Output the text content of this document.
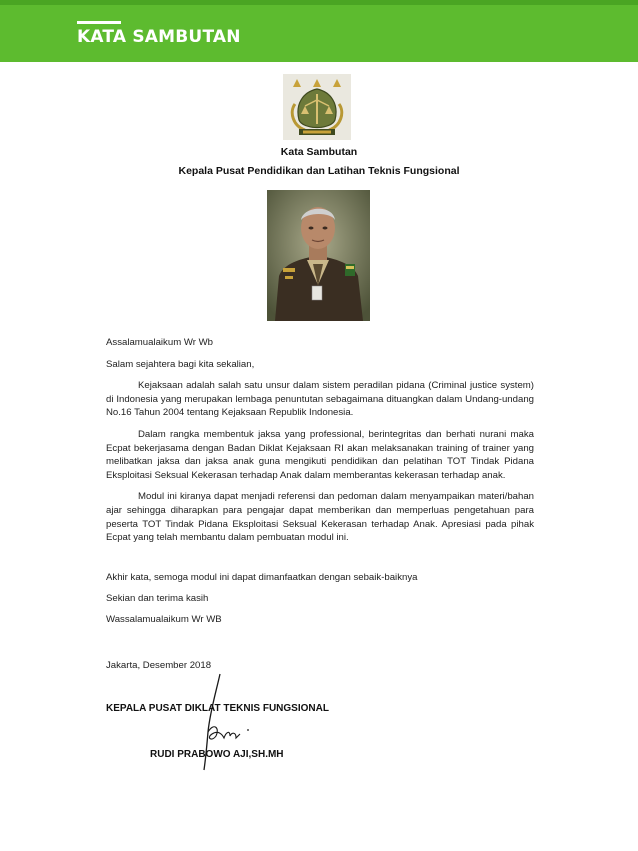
KATA SAMBUTAN
Kata Sambutan
Kepala Pusat Pendidikan dan Latihan Teknis Fungsional

Assalamualaikum Wr Wb

Salam sejahtera bagi kita sekalian,

Kejaksaan adalah salah satu unsur dalam sistem peradilan pidana (Criminal justice system) di Indonesia yang merupakan lembaga penuntutan sebagaimana dituangkan dalam Undang-undang No.16 Tahun 2004 tentang Kejaksaan Republik Indonesia.

Dalam rangka membentuk jaksa yang professional, berintegritas dan berhati nurani maka Ecpat bekerjasama dengan Badan Diklat Kejaksaan RI akan melaksanakan training of trainer yang melibatkan jaksa dan jaksa anak guna mengikuti pendidikan dan pelatihan TOT Tindak Pidana Eksploitasi Seksual Kekerasan terhadap Anak dalam memberantas kekerasan terhadap anak.

Modul ini kiranya dapat menjadi referensi dan pedoman dalam menyampaikan materi/bahan ajar sehingga diharapkan para pengajar dapat memberikan dan memperluas pengetahuan para peserta TOT Tindak Pidana Eksploitasi Seksual Kekerasan terhadap Anak. Apresiasi pada pihak Ecpat yang telah membantu dalam pembuatan modul ini.

Akhir kata, semoga modul ini dapat dimanfaatkan dengan sebaik-baiknya
Sekian dan terima kasih
Wassalamualaikum Wr WB
Jakarta, Desember 2018
KEPALA PUSAT DIKLAT TEKNIS FUNGSIONAL
RUDI PRABOWO AJI,SH.MH
